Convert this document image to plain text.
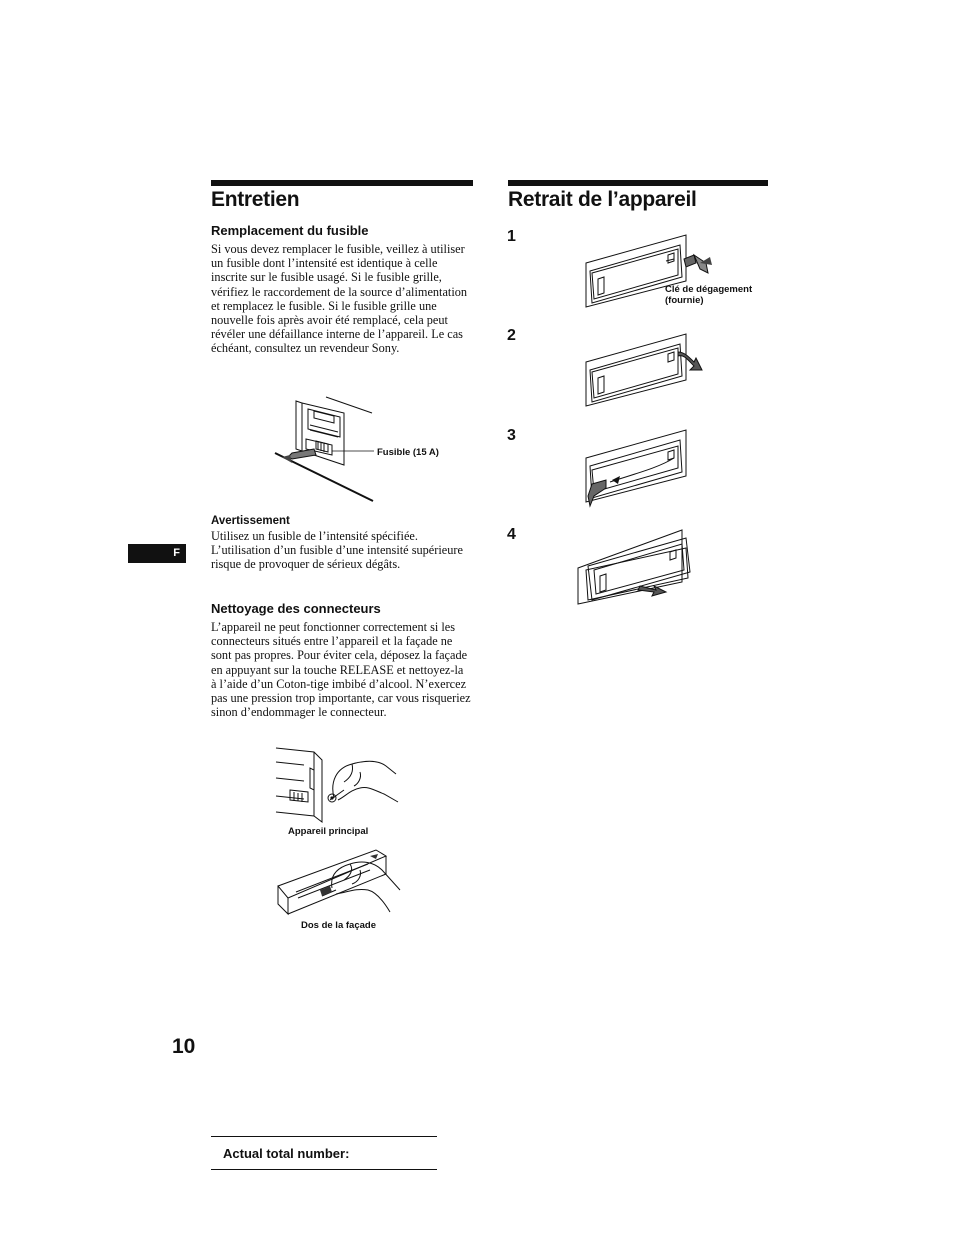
Entretien
Remplacement du fusible

Si vous devez remplacer le fusible, veillez à utiliser un fusible dont l’intensité est identique à celle inscrite sur le fusible usagé. Si le fusible grille, vérifiez le raccordement de la source d’alimentation et remplacez le fusible. Si le fusible grille une nouvelle fois après avoir été remplacé, cela peut révéler une défaillance interne de l’appareil. Le cas échéant, consultez un revendeur Sony.

Fusible (15 A)
Avertissement

Utilisez un fusible de l’intensité spécifiée. L’utilisation d’un fusible d’une intensité supérieure risque de provoquer de sérieux dégâts.

Nettoyage des connecteurs

L’appareil ne peut fonctionner correctement si les connecteurs situés entre l’appareil et la façade ne sont pas propres. Pour éviter cela, déposez la façade en appuyant sur la touche RELEASE et nettoyez-la à l’aide d’un Coton-tige imbibé d’alcool. N’exercez pas une pression trop importante, car vous risqueriez sinon d’endommager le connecteur.

Appareil principal
Dos de la façade
Retrait de l’appareil
1
2
3
4
Clé de dégagement
(fournie)
F
10
Actual total number:
